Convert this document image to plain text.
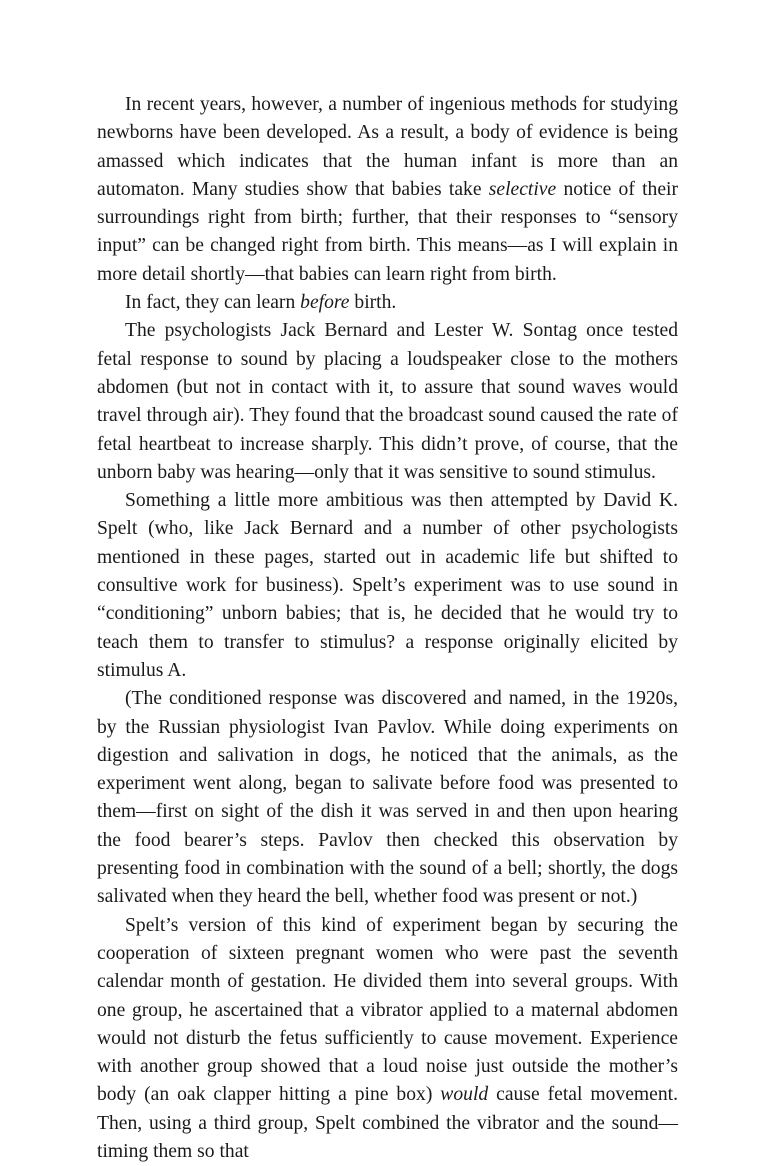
In recent years, however, a number of ingenious methods for studying newborns have been developed. As a result, a body of evidence is being amassed which indicates that the human infant is more than an automaton. Many studies show that babies take selective notice of their surroundings right from birth; further, that their responses to “sensory input” can be changed right from birth. This means—as I will explain in more detail shortly—that babies can learn right from birth.

In fact, they can learn before birth.

The psychologists Jack Bernard and Lester W. Sontag once tested fetal response to sound by placing a loudspeaker close to the mothers abdomen (but not in contact with it, to assure that sound waves would travel through air). They found that the broadcast sound caused the rate of fetal heartbeat to increase sharply. This didn’t prove, of course, that the unborn baby was hearing—only that it was sensitive to sound stimulus.

Something a little more ambitious was then attempted by David K. Spelt (who, like Jack Bernard and a number of other psychologists mentioned in these pages, started out in academic life but shifted to consultive work for business). Spelt’s experiment was to use sound in “conditioning” unborn babies; that is, he decided that he would try to teach them to transfer to stimulus? a response originally elicited by stimulus A.

(The conditioned response was discovered and named, in the 1920s, by the Russian physiologist Ivan Pavlov. While doing experiments on digestion and salivation in dogs, he noticed that the animals, as the experiment went along, began to salivate before food was presented to them—first on sight of the dish it was served in and then upon hearing the food bearer’s steps. Pavlov then checked this observation by presenting food in combination with the sound of a bell; shortly, the dogs salivated when they heard the bell, whether food was present or not.)

Spelt’s version of this kind of experiment began by securing the cooperation of sixteen pregnant women who were past the seventh calendar month of gestation. He divided them into several groups. With one group, he ascertained that a vibrator applied to a maternal abdomen would not disturb the fetus sufficiently to cause movement. Experience with another group showed that a loud noise just outside the mother’s body (an oak clapper hitting a pine box) would cause fetal movement. Then, using a third group, Spelt combined the vibrator and the sound—timing them so that
